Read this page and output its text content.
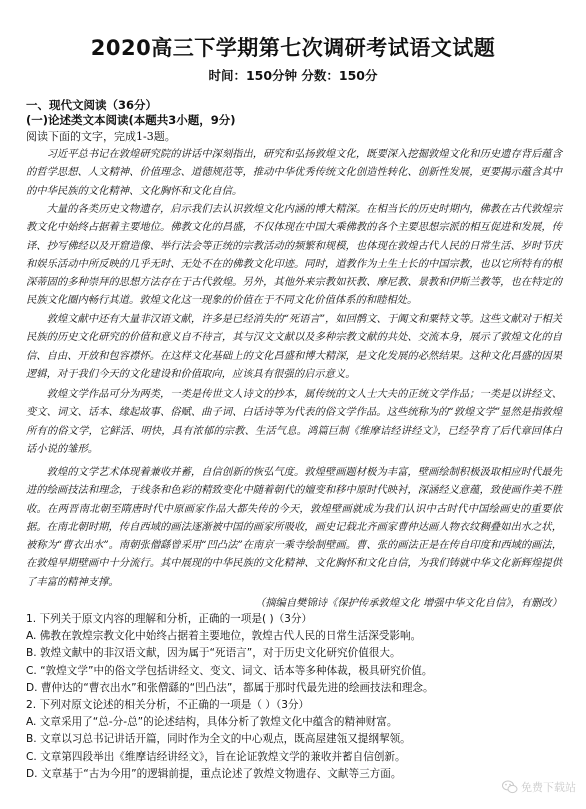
2020高三下学期第七次调研考试语文试题
时间：150分钟 分数：150分
一、现代文阅读（36分）
(一)论述类文本阅读(本题共3小题，9分)
阅读下面的文字，完成1-3题。

习近平总书记在敦煌研究院的讲话中深刻指出，研究和弘扬敦煌文化，既要深入挖掘敦煌文化和历史遗存背后蕴含的哲学思想、人文精神、价值理念、道德规范等，推动中华优秀传统文化创造性转化、创新性发展，更要揭示蕴含其中的中华民族的文化精神、文化胸怀和文化自信。

大量的各类历史文物遗存，启示我们去认识敦煌文化内涵的博大精深。在相当长的历史时期内，佛教在古代敦煌宗教文化中始终占据着主要地位。佛教文化的昌盛，不仅体现在中国大乘佛教的各个主要思想宗派的相互促进和发展，传译、抄写佛经以及开窟造像、举行法会等正统的宗教活动的频繁和规模，也体现在敦煌古代人民的日常生活、岁时节庆和娱乐活动中所反映的几乎无时、无处不在的佛教文化印迹。同时，道教作为土生土长的中国宗教，也以它所特有的根深蒂固的多种崇拜的思想方法存在于古代敦煌。另外，其他外来宗教如祆教、摩尼教、景教和伊斯兰教等，也在特定的民族文化圈内畅行其道。敦煌文化这一现象的价值在于不同文化价值体系的和睦相处。

敦煌文献中还有大量非汉语文献，许多是已经消失的“死语言”，如回鹘文、于阗文和粟特文等。这些文献对于相关民族的历史文化研究的价值和意义自不待言，其与汉文文献以及多种宗教文献的共处、交流本身，展示了敦煌文化的自信、自由、开放和包容襟怀。在这样文化基础上的文化昌盛和博大精深，是文化发展的必然结果。这种文化昌盛的因果逻辑，对于我们今天的文化建设和价值取向，应该具有很强的启示意义。

敦煌文学作品可分为两类，一类是传世文人诗文的抄本，属传统的文人士大夫的正统文学作品；一类是以讲经文、变文、词文、话本、缘起故事、俗赋、曲子词、白话诗等为代表的俗文学作品。这些统称为的“敦煌文学”显然是指敦煌所有的俗文学，它鲜活、明快，具有浓郁的宗教、生活气息。鸿篇巨制《维摩诘经讲经文》，已经孕育了后代章回体白话小说的雏形。

敦煌的文学艺术体现着兼收并蓄，自信创新的恢弘气度。敦煌壁画题材极为丰富，壁画绘制积极汲取相应时代最先进的绘画技法和理念，于线条和色彩的精致变化中随着朝代的嬗变和移中原时代映衬，深涵经义意蕴，致使画作美不胜收。在两晋南北朝至隋唐时代中原画家作品大都失传的今天，敦煌壁画就成为我们认识中古时代中国绘画史的重要依据。在南北朝时期，传自西域的画法逐渐被中国的画家所吸收，画史记载北齐画家曹仲达画人物衣纹稠叠如出水之状，被称为“曹衣出水”。南朝张僧繇曾采用“凹凸法”在南京一乘寺绘制壁画。曹、张的画法正是在传自印度和西域的画法，在敦煌早期壁画中十分流行。其中展现的中华民族的文化精神、文化胸怀和文化自信，为我们铸就中华文化新辉煌提供了丰富的精神支撑。

（摘编自樊锦诗《保护传承敦煌文化 增强中华文化自信》，有删改）

1. 下列关于原文内容的理解和分析，正确的一项是( )（3分）

A. 佛教在敦煌宗教文化中始终占据着主要地位，敦煌古代人民的日常生活深受影响。

B. 敦煌文献中的非汉语文献，因为属于“死语言”，对于历史文化研究价值很大。

C. “敦煌文学”中的俗文学包括讲经文、变文、词文、话本等多种体裁，极具研究价值。

D. 曹仲达的“曹衣出水”和张僧繇的“凹凸法”，都属于那时代最先进的绘画技法和理念。

2. 下列对原文论述的相关分析，不正确的一项是（ ）（3分）

A. 文章采用了“总-分-总”的论述结构，具体分析了敦煌文化中蕴含的精神财富。

B. 文章以习总书记讲话开篇，同时作为全文的中心观点，既高屋建瓴又提纲挈领。

C. 文章第四段举出《维摩诘经讲经文》，旨在论证敦煌文学的兼收并蓄自信创新。

D. 文章基于“古为今用”的逻辑前提，重点论述了敦煌文物遗存、文献等三方面。

免费下载站
